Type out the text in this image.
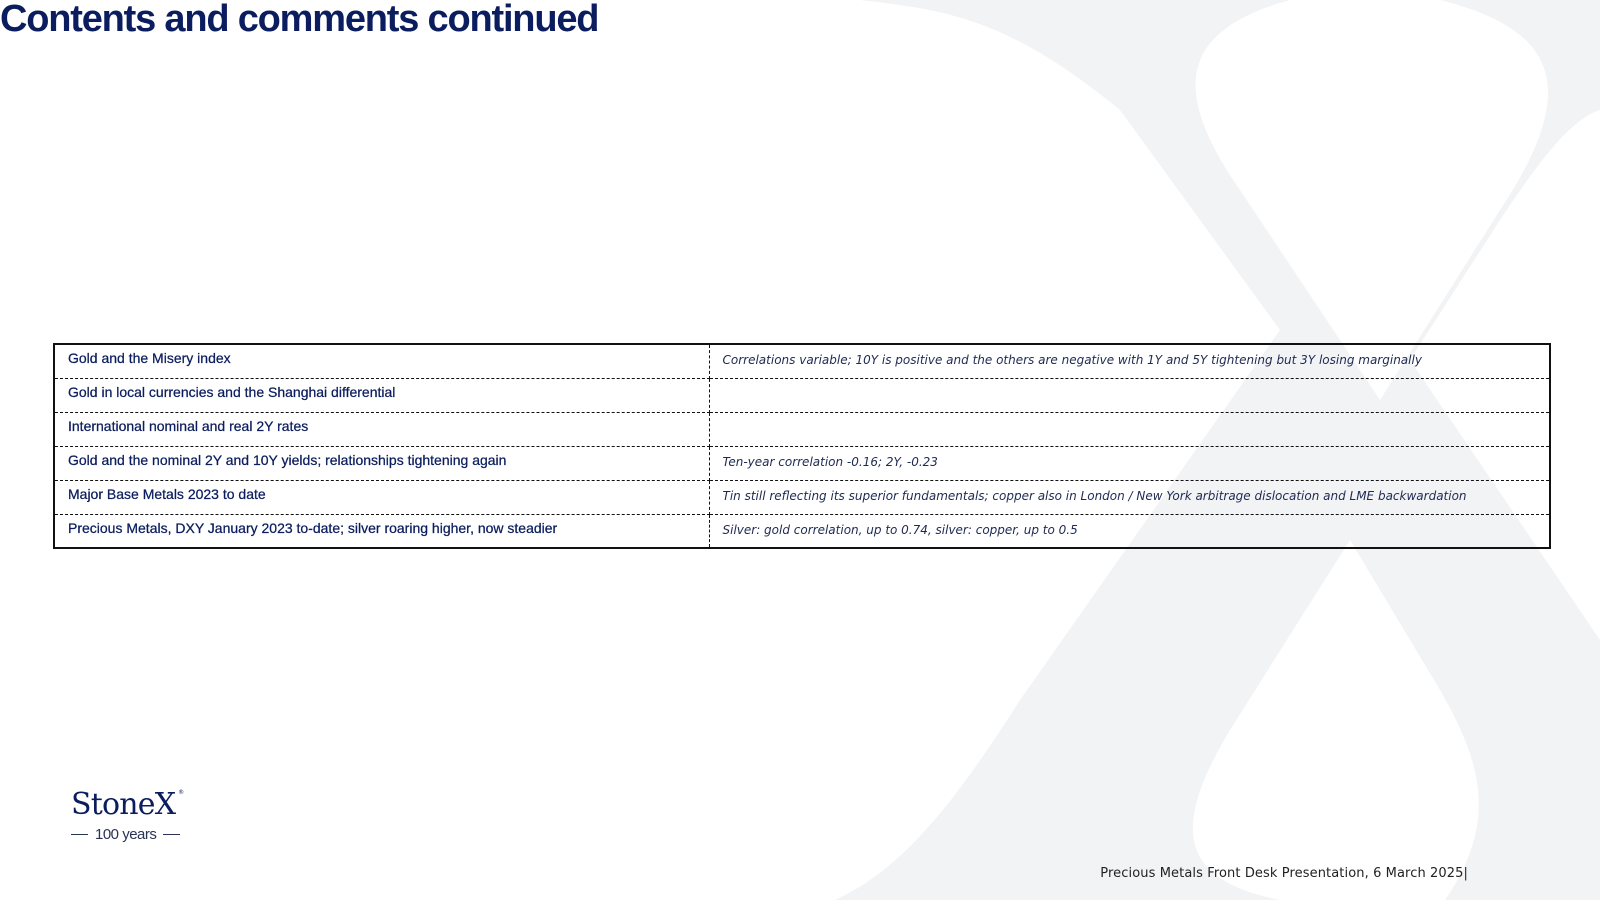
Contents and comments continued
Gold and the Misery index	Correlations variable; 10Y is positive and the others are negative with 1Y and 5Y tightening but 3Y losing marginally
Gold in local currencies and the Shanghai differential	
International nominal and real 2Y rates	
Gold and the nominal 2Y and 10Y yields; relationships tightening again	Ten-year correlation -0.16; 2Y, -0.23
Major Base Metals 2023 to date	Tin still reflecting its superior fundamentals; copper also in London / New York arbitrage dislocation and LME backwardation
Precious Metals, DXY January 2023 to-date; silver roaring higher, now steadier	Silver: gold correlation, up to 0.74, silver: copper, up to 0.5
StoneX ®
100 years
Precious Metals Front Desk Presentation, 6 March 2025|
